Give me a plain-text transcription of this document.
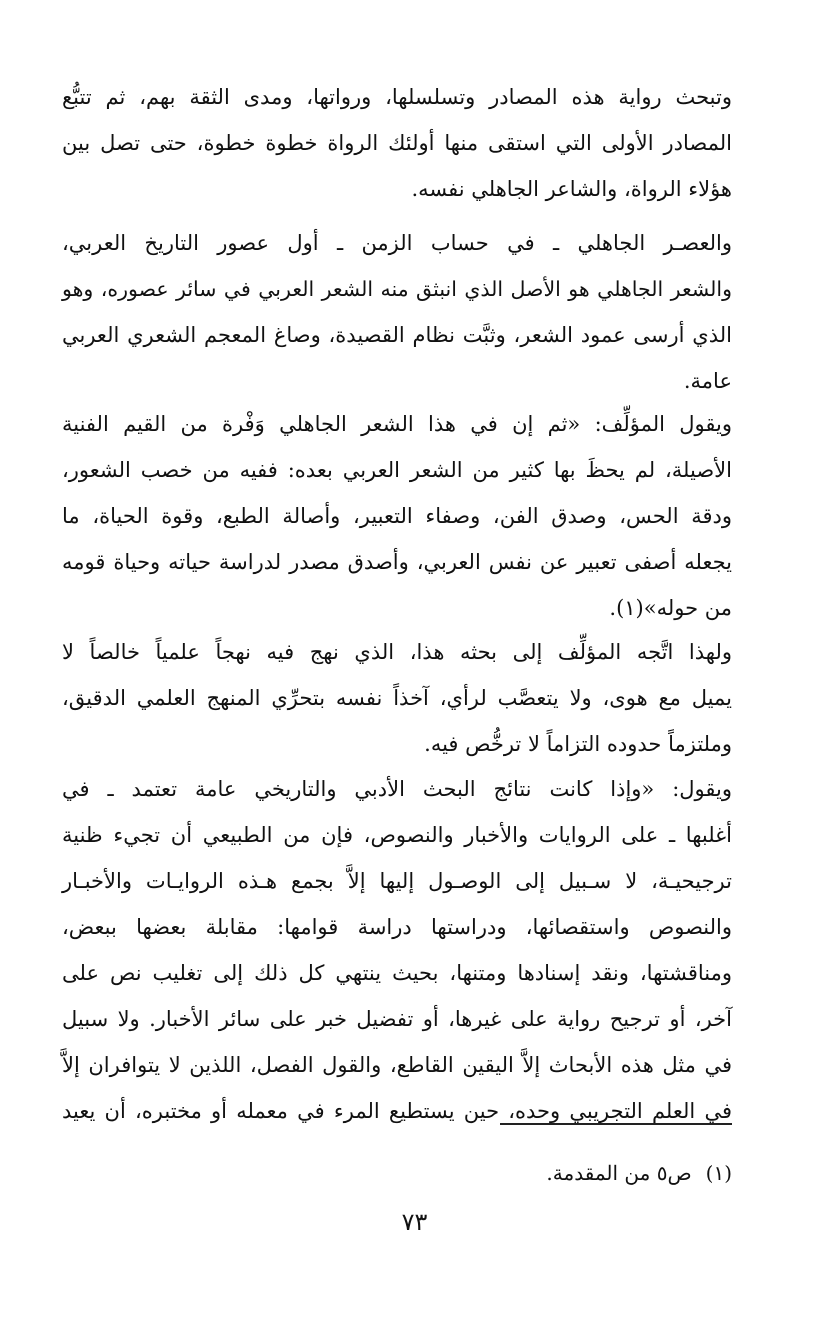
وتبحث رواية هذه المصادر وتسلسلها، ورواتها، ومدى الثقة بهم، ثم تتبُّع
المصادر الأولى التي استقى منها أولئك الرواة خطوة خطوة، حتى تصل بين
هؤلاء الرواة، والشاعر الجاهلي نفسه.
والعصـر الجاهلي ـ في حساب الزمن ـ أول عصور التاريخ العربي،
والشعر الجاهلي هو الأصل الذي انبثق منه الشعر العربي في سائر عصوره، وهو
الذي أرسى عمود الشعر، وثبَّت نظام القصيدة، وصاغ المعجم الشعري العربي
عامة.
ويقول المؤلِّف: «ثم إن في هذا الشعر الجاهلي وَفْرة من القيم الفنية
الأصيلة، لم يحظَ بها كثير من الشعر العربي بعده: ففيه من خصب الشعور،
ودقة الحس، وصدق الفن، وصفاء التعبير، وأصالة الطبع، وقوة الحياة، ما
يجعله أصفى تعبير عن نفس العربي، وأصدق مصدر لدراسة حياته وحياة قومه
من حوله»(١).
ولهذا اتَّجه المؤلِّف إلى بحثه هذا، الذي نهج فيه نهجاً علمياً خالصاً لا
يميل مع هوى، ولا يتعصَّب لرأي، آخذاً نفسه بتحرِّي المنهج العلمي الدقيق،
وملتزماً حدوده التزاماً لا ترخُّص فيه.
ويقول: «وإذا كانت نتائج البحث الأدبي والتاريخي عامة تعتمد ـ في
أغلبها ـ على الروايات والأخبار والنصوص، فإن من الطبيعي أن تجيء ظنية
ترجيحيـة، لا سـبيل إلى الوصـول إليها إلاَّ بجمع هـذه الروايـات والأخبـار
والنصوص واستقصائها، ودراستها دراسة قوامها: مقابلة بعضها ببعض،
ومناقشتها، ونقد إسنادها ومتنها، بحيث ينتهي كل ذلك إلى تغليب نص على
آخر، أو ترجيح رواية على غيرها، أو تفضيل خبر على سائر الأخبار. ولا سبيل
في مثل هذه الأبحاث إلاَّ اليقين القاطع، والقول الفصل، اللذين لا يتوافران إلاَّ
في العلم التجريبي وحده، حين يستطيع المرء في معمله أو مختبره، أن يعيد
(١)ص٥ من المقدمة.
٧٣
